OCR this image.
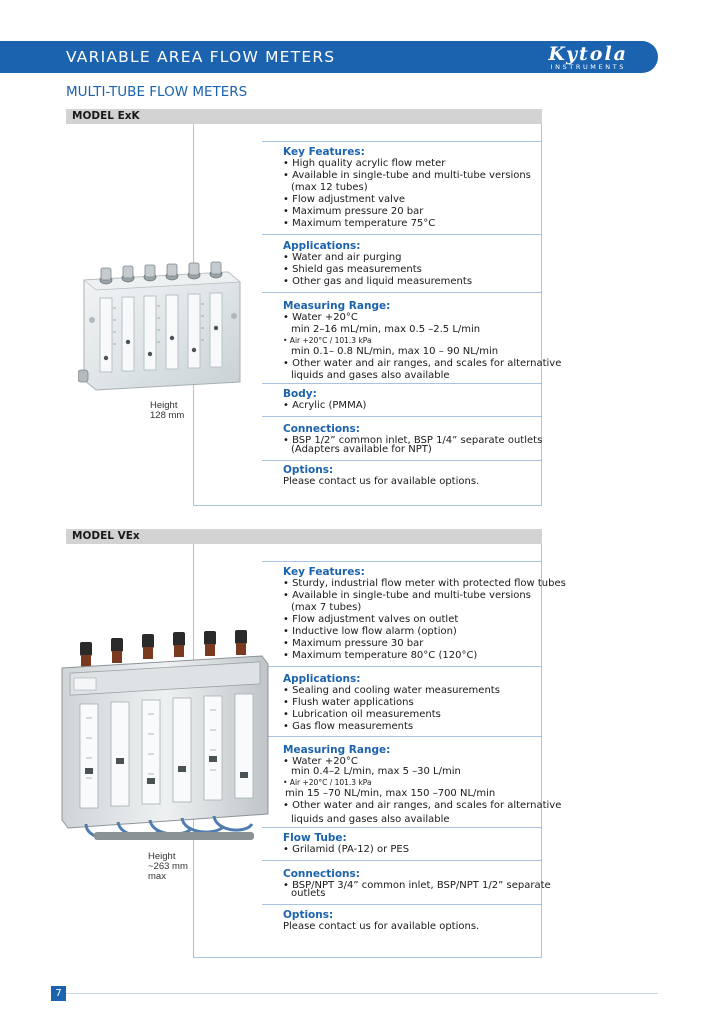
VARIABLE AREA FLOW METERS	Kytola
INSTRUMENTS
MULTI-TUBE FLOW METERS
MODEL ExK
Height
128 mm
Key Features:
• High quality acrylic flow meter
• Available in single-tube and multi-tube versions
(max 12 tubes)
• Flow adjustment valve
• Maximum pressure 20 bar
• Maximum temperature 75°C
Applications:
• Water and air purging
• Shield gas measurements
• Other gas and liquid measurements
Measuring Range:
• Water +20°C
min 2–16 mL/min, max 0.5 –2.5 L/min
• Air +20°C / 101.3 kPa
min 0.1– 0.8 NL/min, max 10 – 90 NL/min
• Other water and air ranges, and scales for alternative
liquids and gases also available
Body:
• Acrylic (PMMA)
Connections:
• BSP 1/2” common inlet, BSP 1/4” separate outlets
(Adapters available for NPT)
Options:
Please contact us for available options.
MODEL VEx
Height
~263 mm
max
Key Features:
• Sturdy, industrial flow meter with protected flow tubes
• Available in single-tube and multi-tube versions
(max 7 tubes)
• Flow adjustment valves on outlet
• Inductive low flow alarm (option)
• Maximum pressure 30 bar
• Maximum temperature 80°C (120°C)
Applications:
• Sealing and cooling water measurements
• Flush water applications
• Lubrication oil measurements
• Gas flow measurements
Measuring Range:
• Water +20°C
min 0.4–2 L/min, max 5 –30 L/min
• Air +20°C / 101.3 kPa
min 15 –70 NL/min, max 150 –700 NL/min
• Other water and air ranges, and scales for alternative
liquids and gases also available
Flow Tube:
• Grilamid (PA-12) or PES
Connections:
• BSP/NPT 3/4” common inlet, BSP/NPT 1/2” separate
outlets
Options:
Please contact us for available options.
7
